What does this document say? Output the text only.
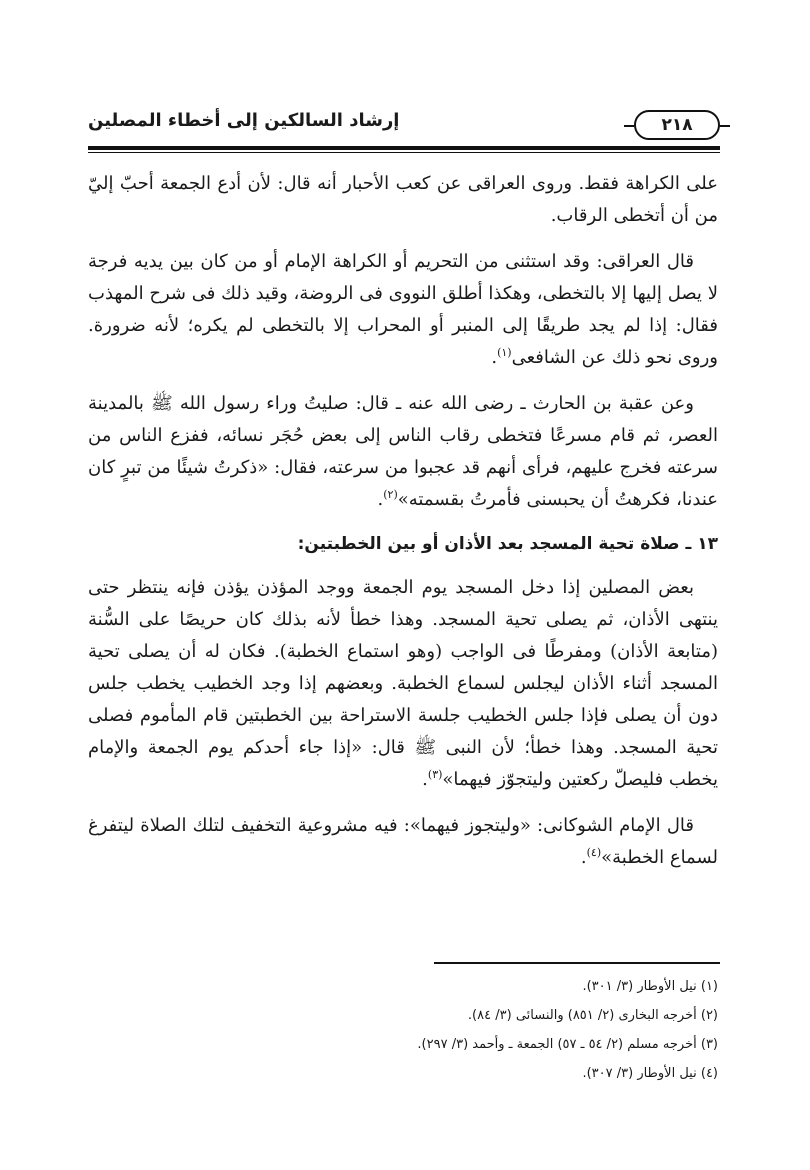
٢١٨
إرشاد السالكين إلى أخطاء المصلين

على الكراهة فقط. وروى العراقى عن كعب الأحبار أنه قال: لأن أدع الجمعة أحبّ إليّ من أن أتخطى الرقاب.

قال العراقى: وقد استثنى من التحريم أو الكراهة الإمام أو من كان بين يديه فرجة لا يصل إليها إلا بالتخطى، وهكذا أطلق النووى فى الروضة، وقيد ذلك فى شرح المهذب فقال: إذا لم يجد طريقًا إلى المنبر أو المحراب إلا بالتخطى لم يكره؛ لأنه ضرورة. وروى نحو ذلك عن الشافعى$^{(١)}$.

وعن عقبة بن الحارث ـ رضى الله عنه ـ قال: صليتُ وراء رسول الله ﷺ بالمدينة العصر، ثم قام مسرعًا فتخطى رقاب الناس إلى بعض حُجَر نسائه، ففزع الناس من سرعته فخرج عليهم، فرأى أنهم قد عجبوا من سرعته، فقال: «ذكرتُ شيئًا من تبرٍ كان عندنا، فكرهتُ أن يحبسنى فأمرتُ بقسمته»$^{(٢)}$.

١٣ ـ صلاة تحية المسجد بعد الأذان أو بين الخطبتين:

بعض المصلين إذا دخل المسجد يوم الجمعة ووجد المؤذن يؤذن فإنه ينتظر حتى ينتهى الأذان، ثم يصلى تحية المسجد. وهذا خطأ لأنه بذلك كان حريصًا على السُّنة (متابعة الأذان) ومفرطًا فى الواجب (وهو استماع الخطبة). فكان له أن يصلى تحية المسجد أثناء الأذان ليجلس لسماع الخطبة. وبعضهم إذا وجد الخطيب يخطب جلس دون أن يصلى فإذا جلس الخطيب جلسة الاستراحة بين الخطبتين قام المأموم فصلى تحية المسجد. وهذا خطأ؛ لأن النبى ﷺ قال: «إذا جاء أحدكم يوم الجمعة والإمام يخطب فليصلّ ركعتين وليتجوّز فيهما»$^{(٣)}$.

قال الإمام الشوكانى: «وليتجوز فيهما»: فيه مشروعية التخفيف لتلك الصلاة ليتفرغ لسماع الخطبة»$^{(٤)}$.

(١) نيل الأوطار (٣/ ٣٠١).

(٢) أخرجه البخارى (٢/ ٨٥١) والنسائى (٣/ ٨٤).

(٣) أخرجه مسلم (٢/ ٥٤ ـ ٥٧) الجمعة ـ وأحمد (٣/ ٢٩٧).

(٤) نيل الأوطار (٣/ ٣٠٧).
